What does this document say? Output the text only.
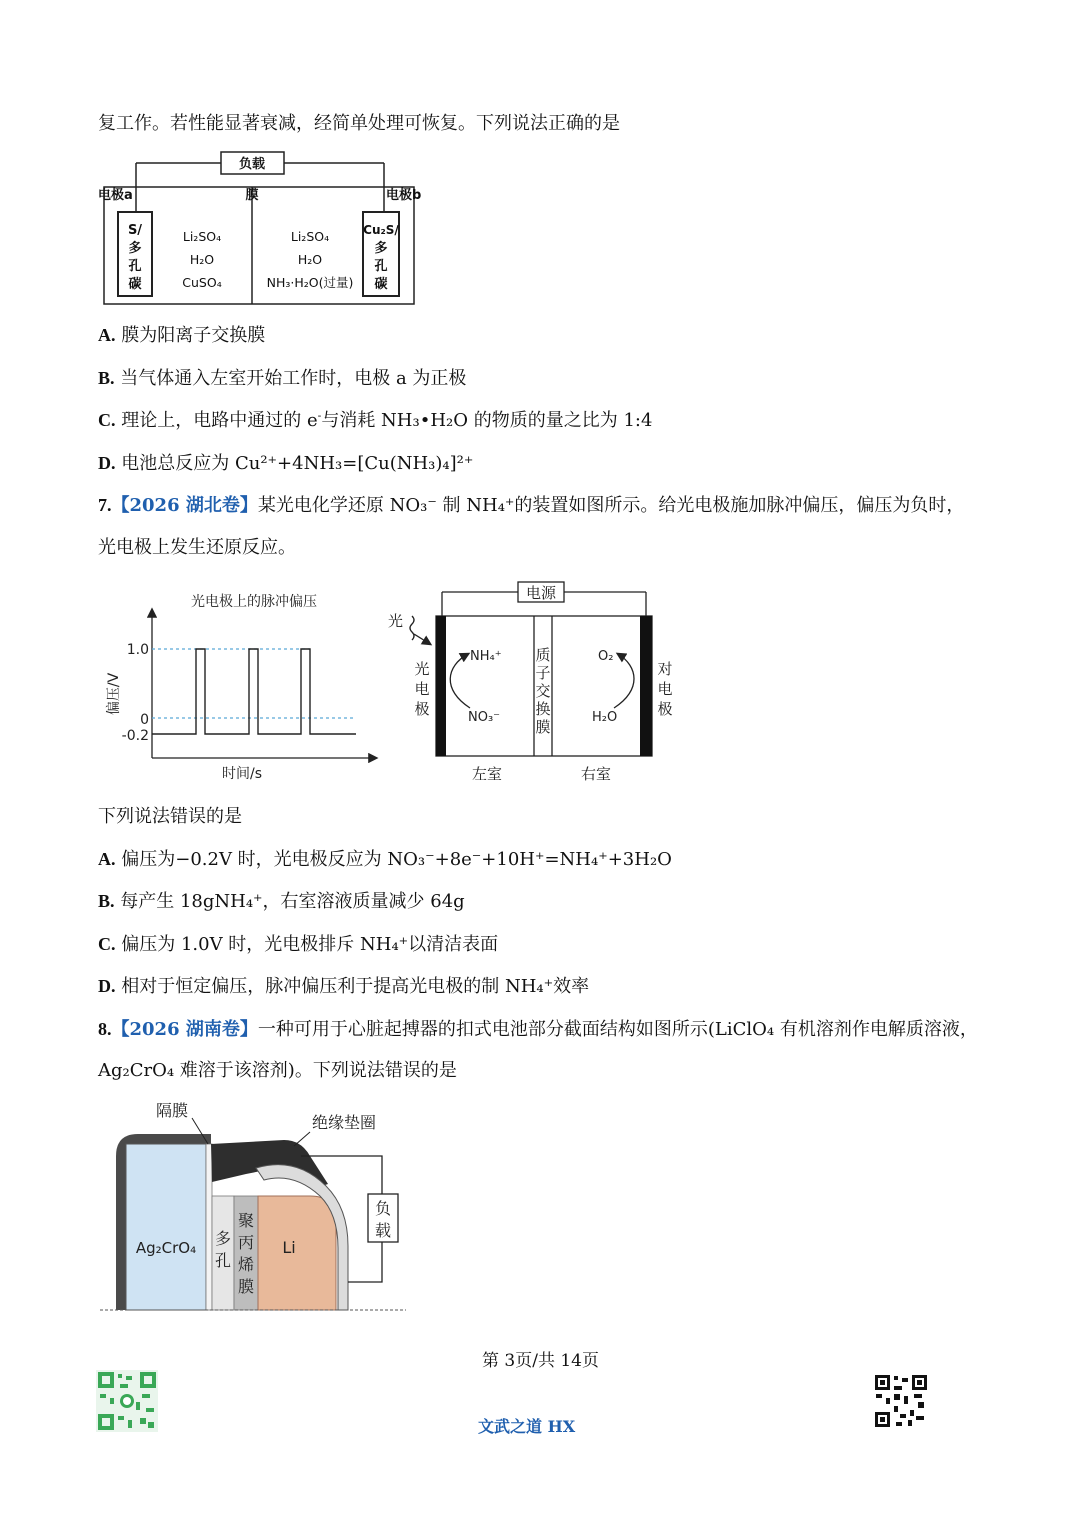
复工作。若性能显著衰减，经简单处理可恢复。下列说法正确的是
负载
电极a	电极b
膜
S/
多
孔
碳
Cu₂S/
多
孔
碳
Li₂SO₄
H₂O
CuSO₄
Li₂SO₄
H₂O
NH₃·H₂O(过量)
A. 膜为阳离子交换膜
B. 当气体通入左室开始工作时，电极 a 为正极
C. 理论上，电路中通过的 e-与消耗 NH₃•H₂O 的物质的量之比为 1:4
D. 电池总反应为 Cu²⁺+4NH₃=[Cu(NH₃)₄]²⁺
7.【2026 湖北卷】某光电化学还原 NO₃⁻ 制 NH₄⁺的装置如图所示。给光电极施加脉冲偏压，偏压为负时，
光电极上发生还原反应。
光电极上的脉冲偏压
1.0
0
-0.2
时间/s
偏压/V
电源
光
光
电
极
质
子
交
换
膜
对
电
极
左室	右室
NH₄⁺
NO₃⁻
O₂
H₂O
下列说法错误的是
A. 偏压为−0.2V 时，光电极反应为 NO₃⁻+8e⁻+10H⁺=NH₄⁺+3H₂O
B. 每产生 18gNH₄⁺，右室溶液质量减少 64g
C. 偏压为 1.0V 时，光电极排斥 NH₄⁺以清洁表面
D. 相对于恒定偏压，脉冲偏压利于提高光电极的制 NH₄⁺效率
8.【2026 湖南卷】一种可用于心脏起搏器的扣式电池部分截面结构如图所示(LiClO₄ 有机溶剂作电解质溶液，
Ag₂CrO₄ 难溶于该溶剂)。下列说法错误的是
隔膜
绝缘垫圈
Ag₂CrO₄ 多
孔
聚
丙
烯
膜
Li
负
载
第 3页/共 14页
文武之道 HX
